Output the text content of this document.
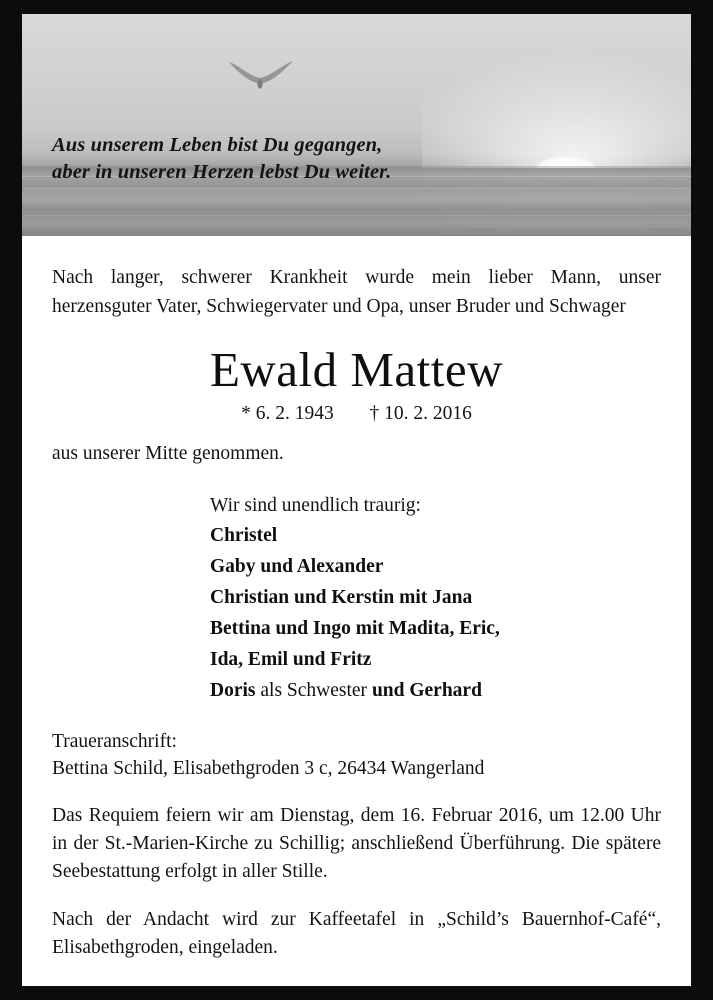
Aus unserem Leben bist Du gegangen,
aber in unseren Herzen lebst Du weiter.
Nach langer, schwerer Krankheit wurde mein lieber Mann, unser herzensguter Vater, Schwiegervater und Opa, unser Bruder und Schwager
Ewald Mattew
* 6. 2. 1943 † 10. 2. 2016
aus unserer Mitte genommen.
Wir sind unendlich traurig:
Christel
Gaby und Alexander
Christian und Kerstin mit Jana
Bettina und Ingo mit Madita, Eric,
Ida, Emil und Fritz
Doris als Schwester und Gerhard
Traueranschrift:
Bettina Schild, Elisabethgroden 3 c, 26434 Wangerland
Das Requiem feiern wir am Dienstag, dem 16. Februar 2016, um 12.00 Uhr in der St.-Marien-Kirche zu Schillig; anschließend Überführung. Die spätere Seebestattung erfolgt in aller Stille.
Nach der Andacht wird zur Kaffeetafel in „Schild’s Bauernhof-Café“, Elisabethgroden, eingeladen.
